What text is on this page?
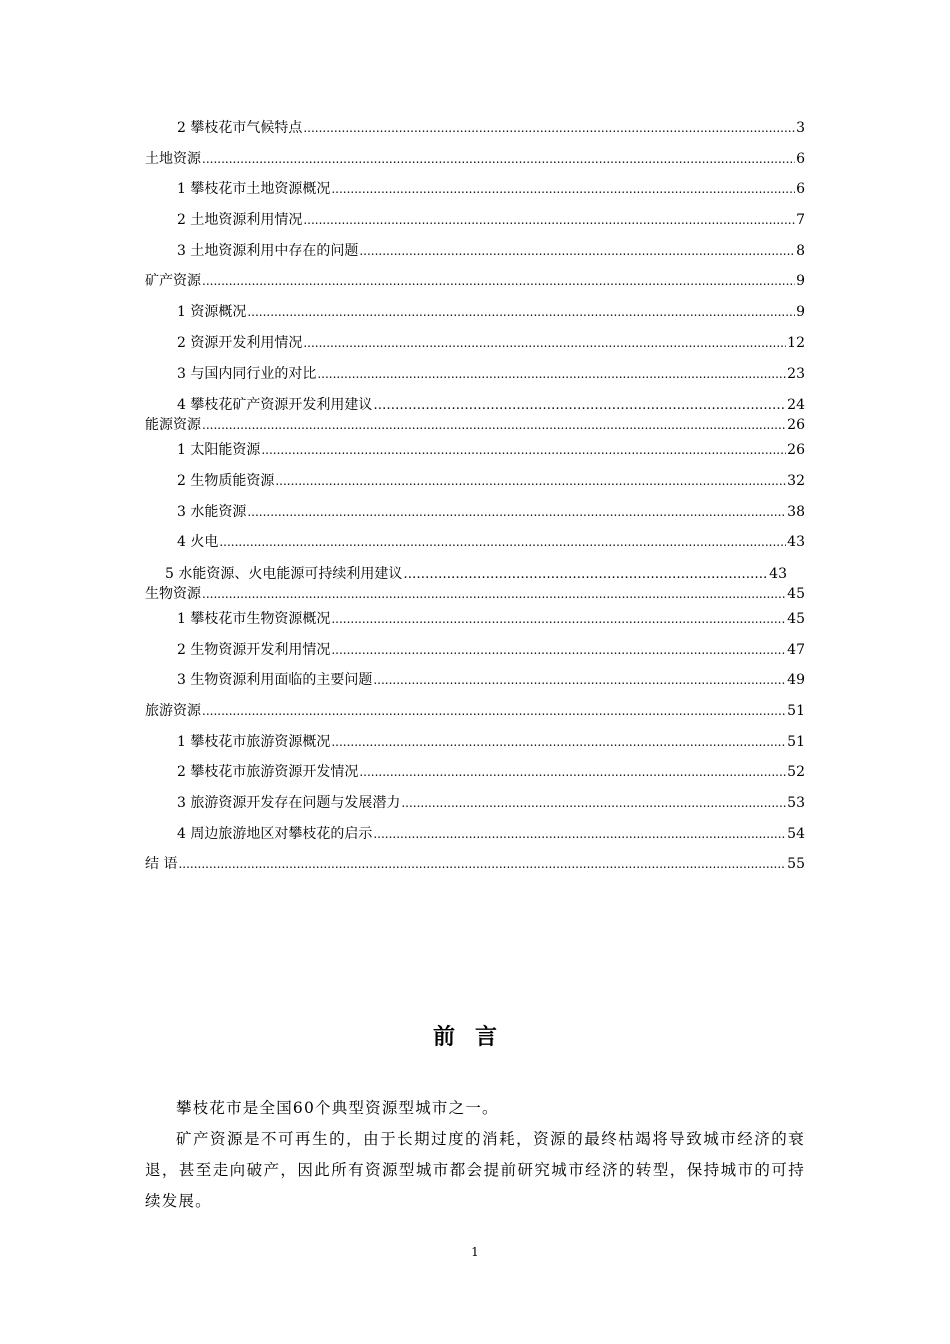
2 攀枝花市气候特点 .....	3
土地资源 .....	6
1 攀枝花市土地资源概况 .....	6
2 土地资源利用情况 .....	7
3 土地资源利用中存在的问题 .....	8
矿产资源 .....	9
1 资源概况 .....	9
2 资源开发利用情况 .....	12
3 与国内同行业的对比 .....	23
4 攀枝花矿产资源开发利用建议 ……………………………………………………………………………………………………………………………………………	24
能源资源 .....	26
1 太阳能资源 .....	26
2 生物质能资源 .....	32
3 水能资源 .....	38
4 火电 .....	43
5 水能资源、火电能源可持续利用建议 ……………………………………………………………………………………………………………………………………………	43
生物资源 .....	45
1 攀枝花市生物资源概况 .....	45
2 生物资源开发利用情况 .....	47
3 生物资源利用面临的主要问题 .....	49
旅游资源 .....	51
1 攀枝花市旅游资源概况 .....	51
2 攀枝花市旅游资源开发情况 .....	52
3 旅游资源开发存在问题与发展潜力 .....	53
4 周边旅游地区对攀枝花的启示 .....	54
结 语 .....	55
前言

攀枝花市是全国60个典型资源型城市之一。

矿产资源是不可再生的，由于长期过度的消耗，资源的最终枯竭将导致城市经济的衰退，甚至走向破产，因此所有资源型城市都会提前研究城市经济的转型，保持城市的可持续发展。

1
